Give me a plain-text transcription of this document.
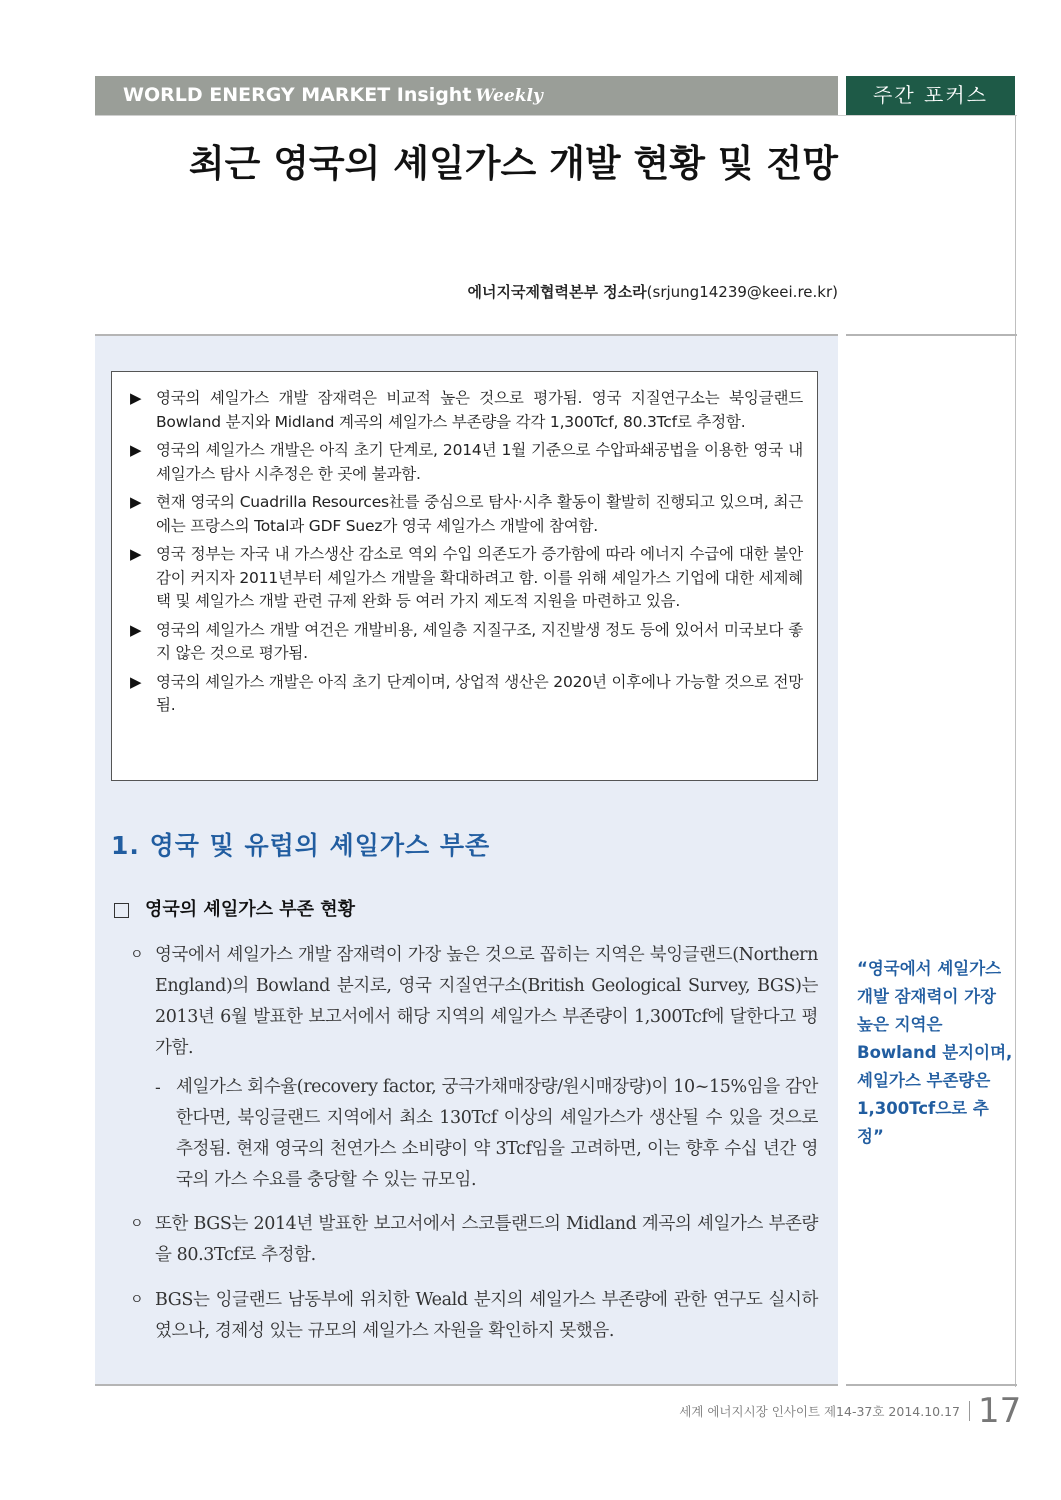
WORLD ENERGY MARKET Insight Weekly	주간 포커스
최근 영국의 셰일가스 개발 현황 및 전망
에너지국제협력본부 정소라(srjung14239@keei.re.kr)
▶ 영국의 셰일가스 개발 잠재력은 비교적 높은 것으로 평가됨. 영국 지질연구소는 북잉글랜드 Bowland 분지와 Midland 계곡의 셰일가스 부존량을 각각 1,300Tcf, 80.3Tcf로 추정함.
▶ 영국의 셰일가스 개발은 아직 초기 단계로, 2014년 1월 기준으로 수압파쇄공법을 이용한 영국 내 셰일가스 탐사 시추정은 한 곳에 불과함.
▶ 현재 영국의 Cuadrilla Resources社를 중심으로 탐사·시추 활동이 활발히 진행되고 있으며, 최근에는 프랑스의 Total과 GDF Suez가 영국 셰일가스 개발에 참여함.
▶ 영국 정부는 자국 내 가스생산 감소로 역외 수입 의존도가 증가함에 따라 에너지 수급에 대한 불안감이 커지자 2011년부터 셰일가스 개발을 확대하려고 함. 이를 위해 셰일가스 기업에 대한 세제혜택 및 셰일가스 개발 관련 규제 완화 등 여러 가지 제도적 지원을 마련하고 있음.
▶ 영국의 셰일가스 개발 여건은 개발비용, 셰일층 지질구조, 지진발생 정도 등에 있어서 미국보다 좋지 않은 것으로 평가됨.
▶ 영국의 셰일가스 개발은 아직 초기 단계이며, 상업적 생산은 2020년 이후에나 가능할 것으로 전망됨.
1. 영국 및 유럽의 셰일가스 부존
영국의 셰일가스 부존 현황
ㅇ 영국에서 셰일가스 개발 잠재력이 가장 높은 것으로 꼽히는 지역은 북잉글랜드(Northern England)의 Bowland 분지로, 영국 지질연구소(British Geological Survey, BGS)는 2013년 6월 발표한 보고서에서 해당 지역의 셰일가스 부존량이 1,300Tcf에 달한다고 평가함.
- 셰일가스 회수율(recovery factor, 궁극가채매장량/원시매장량)이 10~15%임을 감안한다면, 북잉글랜드 지역에서 최소 130Tcf 이상의 셰일가스가 생산될 수 있을 것으로 추정됨. 현재 영국의 천연가스 소비량이 약 3Tcf임을 고려하면, 이는 향후 수십 년간 영국의 가스 수요를 충당할 수 있는 규모임.
ㅇ 또한 BGS는 2014년 발표한 보고서에서 스코틀랜드의 Midland 계곡의 셰일가스 부존량을 80.3Tcf로 추정함.
ㅇ BGS는 잉글랜드 남동부에 위치한 Weald 분지의 셰일가스 부존량에 관한 연구도 실시하였으나, 경제성 있는 규모의 셰일가스 자원을 확인하지 못했음.
“영국에서 셰일가스 개발 잠재력이 가장 높은 지역은 Bowland 분지이며, 셰일가스 부존량은 1,300Tcf으로 추정”
세계 에너지시장 인사이트 제14-37호 2014.10.17 17
